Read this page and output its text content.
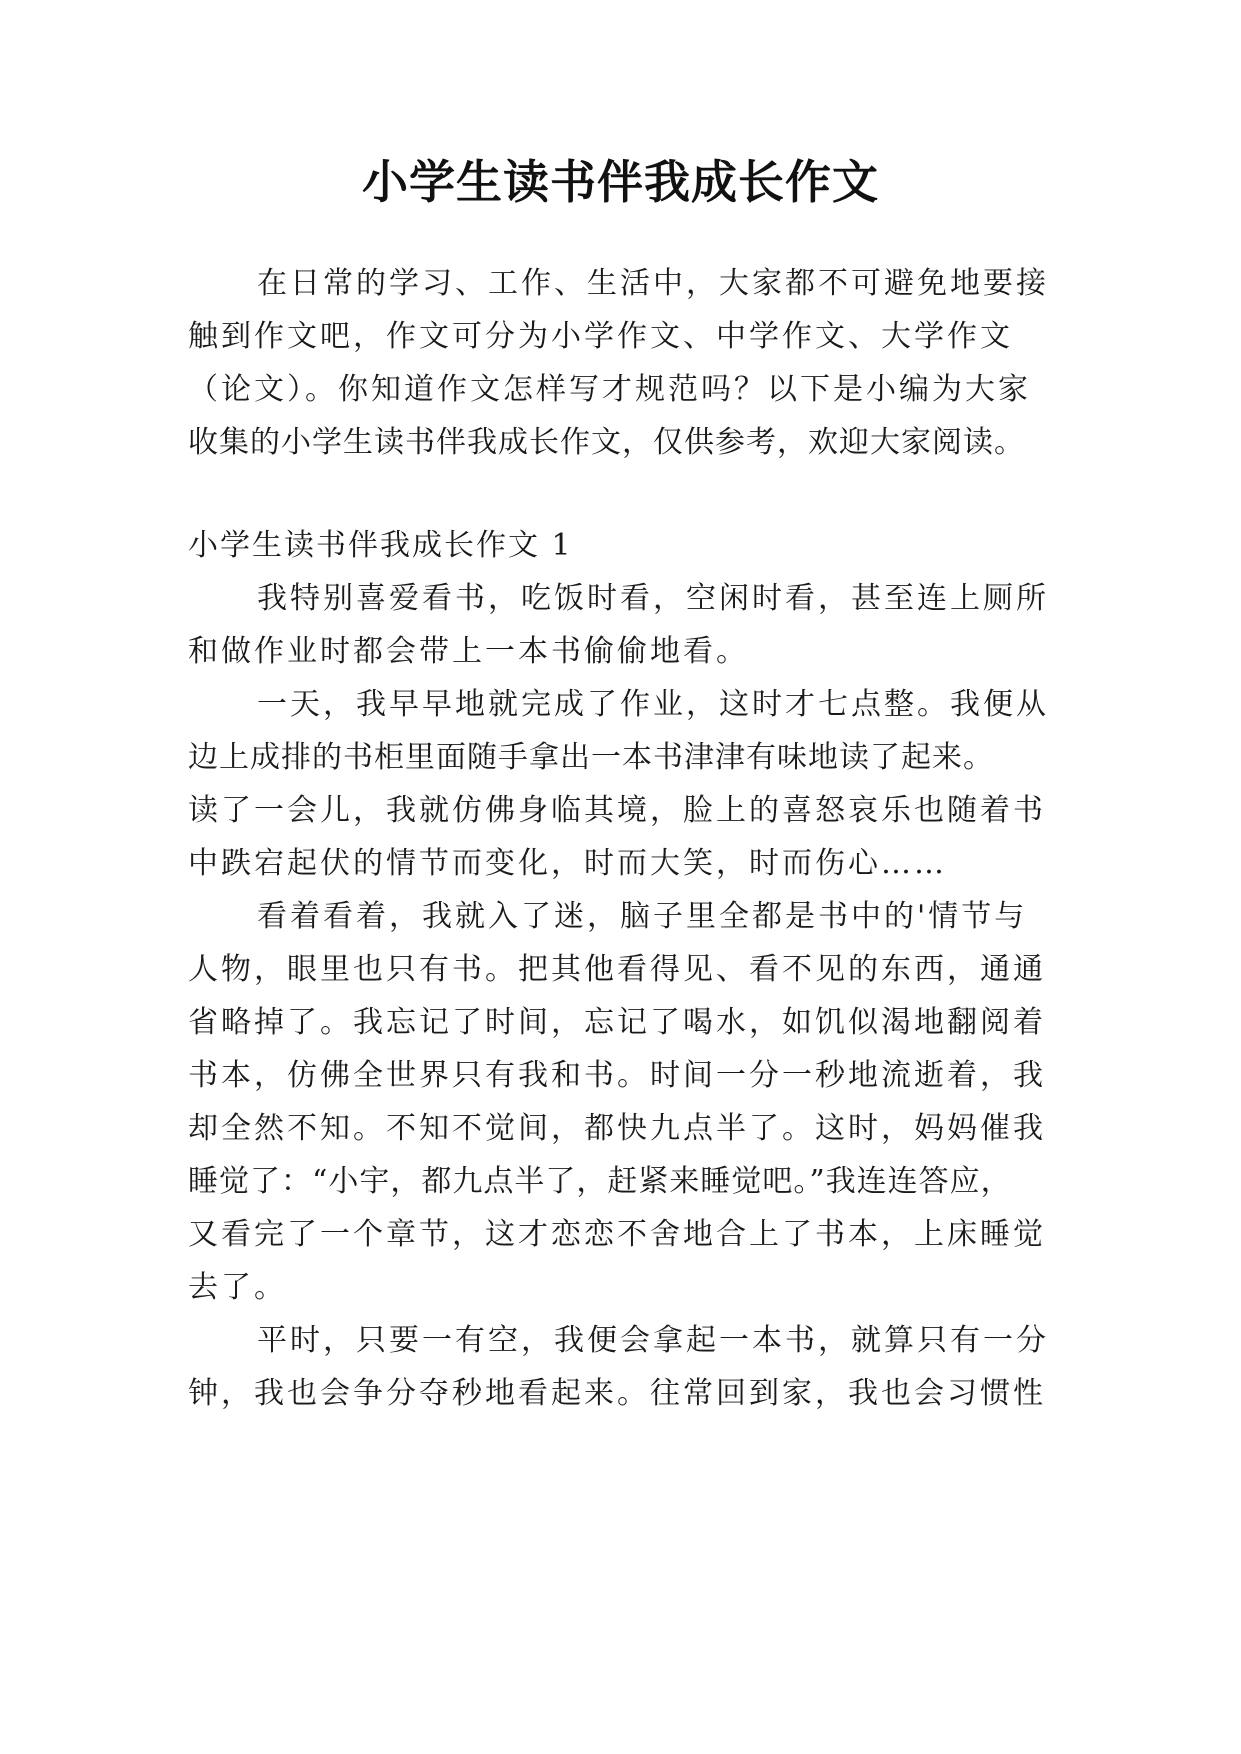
小学生读书伴我成长作文

在日常的学习、工作、生活中，大家都不可避免地要接

触到作文吧，作文可分为小学作文、中学作文、大学作文

（论文）。你知道作文怎样写才规范吗？以下是小编为大家

收集的小学生读书伴我成长作文，仅供参考，欢迎大家阅读。

小学生读书伴我成长作文 1

我特别喜爱看书，吃饭时看，空闲时看，甚至连上厕所

和做作业时都会带上一本书偷偷地看。

一天，我早早地就完成了作业，这时才七点整。我便从

边上成排的书柜里面随手拿出一本书津津有味地读了起来。

读了一会儿，我就仿佛身临其境，脸上的喜怒哀乐也随着书

中跌宕起伏的情节而变化，时而大笑，时而伤心……

看着看着，我就入了迷，脑子里全都是书中的'情节与

人物，眼里也只有书。把其他看得见、看不见的东西，通通

省略掉了。我忘记了时间，忘记了喝水，如饥似渴地翻阅着

书本，仿佛全世界只有我和书。时间一分一秒地流逝着，我

却全然不知。不知不觉间，都快九点半了。这时，妈妈催我

睡觉了：“小宇，都九点半了，赶紧来睡觉吧。”我连连答应，

又看完了一个章节，这才恋恋不舍地合上了书本，上床睡觉

去了。

平时，只要一有空，我便会拿起一本书，就算只有一分

钟，我也会争分夺秒地看起来。往常回到家，我也会习惯性
